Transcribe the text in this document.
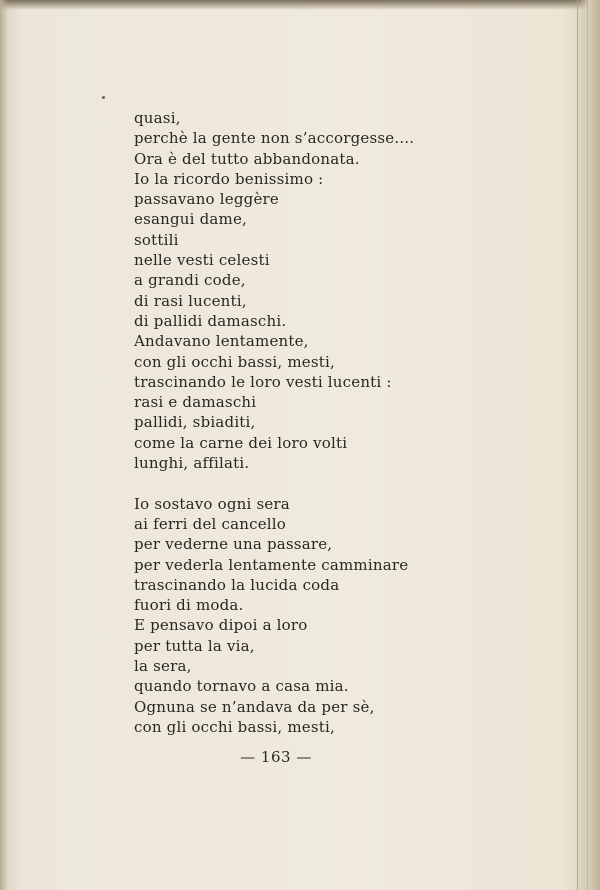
quasi,
perchè la gente non s’accorgesse....
Ora è del tutto abbandonata.
Io la ricordo benissimo :
passavano leggère
esangui dame,
sottili
nelle vesti celesti
a grandi code,
di rasi lucenti,
di pallidi damaschi.
Andavano lentamente,
con gli occhi bassi, mesti,
trascinando le loro vesti lucenti :
rasi e damaschi
pallidi, sbiaditi,
come la carne dei loro volti
lunghi, affilati.
Io sostavo ogni sera
ai ferri del cancello
per vederne una passare,
per vederla lentamente camminare
trascinando la lucida coda
fuori di moda.
E pensavo dipoi a loro
per tutta la via,
la sera,
quando tornavo a casa mia.
Ognuna se n’andava da per sè,
con gli occhi bassi, mesti,
— 163 —
